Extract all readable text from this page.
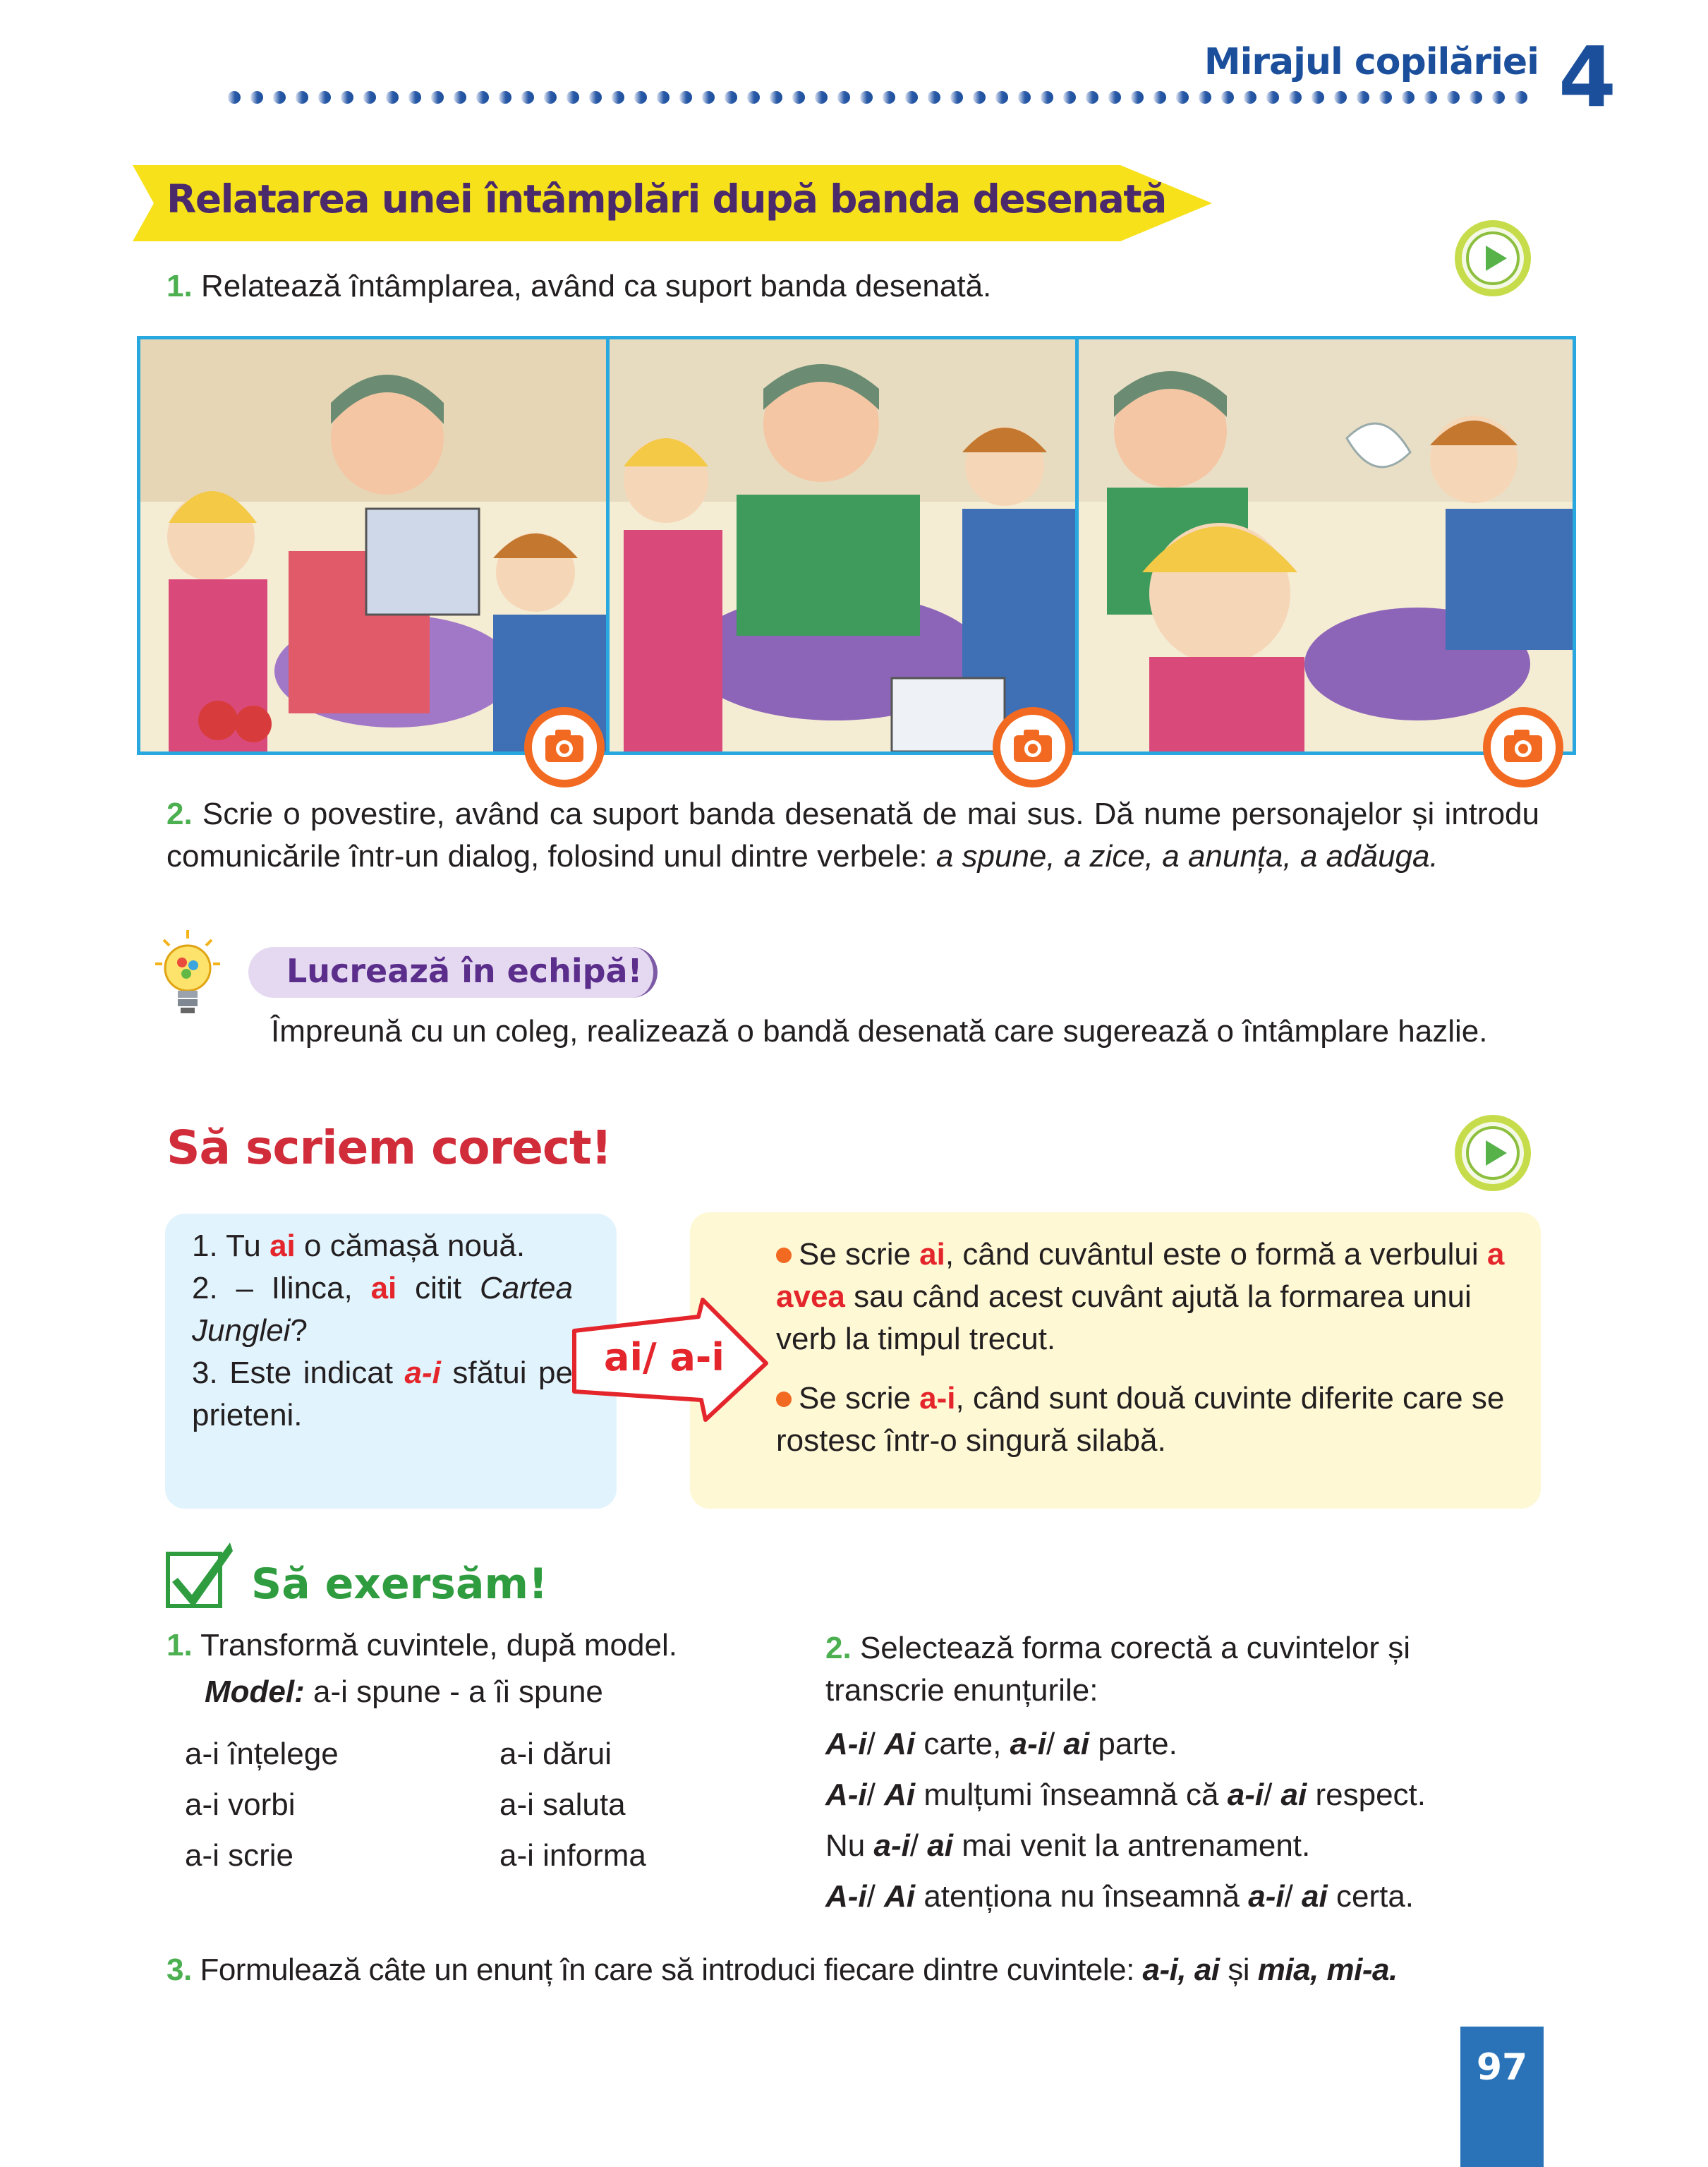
Mirajul copilăriei 4
Relatarea unei întâmplări după banda desenată
1. Relatează întâmplarea, având ca suport banda desenată.
2. Scrie o povestire, având ca suport banda desenată de mai sus. Dă nume personajelor și introdu comunicările într-un dialog, folosind unul dintre verbele: a spune, a zice, a anunța, a adăuga.
Lucrează în echipă!
Împreună cu un coleg, realizează o bandă desenată care sugerează o întâmplare hazlie.
Să scriem corect!
1. Tu ai o cămașă nouă.
2. – Ilinca, ai citit Cartea Junglei?
3. Este indicat a-i sfătui pe prieteni.
ai/ a-i
Se scrie ai, când cuvântul este o formă a verbului a avea sau când acest cuvânt ajută la formarea unui verb la timpul trecut.
Se scrie a-i, când sunt două cuvinte diferite care se rostesc într-o singură silabă.
Să exersăm!
1. Transformă cuvintele, după model.
Model: a-i spune - a îi spune
a-i înțelege
a-i vorbi
a-i scrie
a-i dărui
a-i saluta
a-i informa
2. Selectează forma corectă a cuvintelor și transcrie enunțurile:
A-i/ Ai carte, a-i/ ai parte.
A-i/ Ai mulțumi înseamnă că a-i/ ai respect.
Nu a-i/ ai mai venit la antrenament.
A-i/ Ai atenționa nu înseamnă a-i/ ai certa.
3. Formulează câte un enunț în care să introduci fiecare dintre cuvintele: a-i, ai și mia, mi-a.
97
